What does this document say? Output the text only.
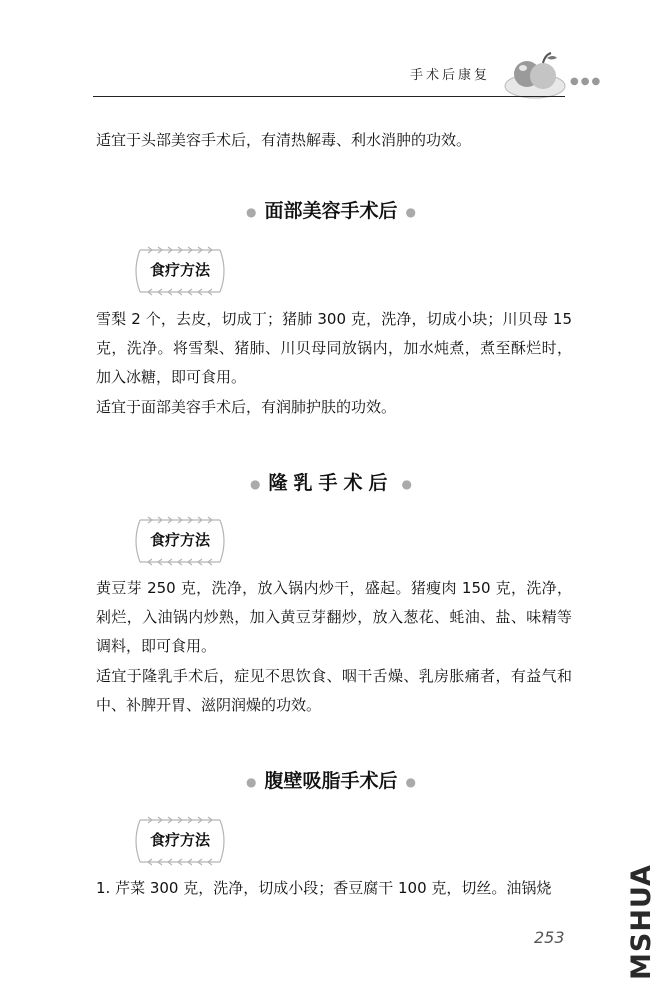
手术后康复	●●●
适宜于头部美容手术后，有清热解毒、利水消肿的功效。
● 面部美容手术后 ●
食疗方法
雪梨 2 个，去皮，切成丁；猪肺 300 克，洗净，切成小块；川贝母 15 克，洗净。将雪梨、猪肺、川贝母同放锅内，加水炖煮，煮至酥烂时，加入冰糖，即可食用。
适宜于面部美容手术后，有润肺护肤的功效。
● 隆乳手术后 ●
食疗方法
黄豆芽 250 克，洗净，放入锅内炒干，盛起。猪瘦肉 150 克，洗净，剁烂，入油锅内炒熟，加入黄豆芽翻炒，放入葱花、蚝油、盐、味精等调料，即可食用。
适宜于隆乳手术后，症见不思饮食、咽干舌燥、乳房胀痛者，有益气和中、补脾开胃、滋阴润燥的功效。
● 腹壁吸脂手术后 ●
食疗方法
1. 芹菜 300 克，洗净，切成小段；香豆腐干 100 克，切丝。油锅烧
253 MSHUA
